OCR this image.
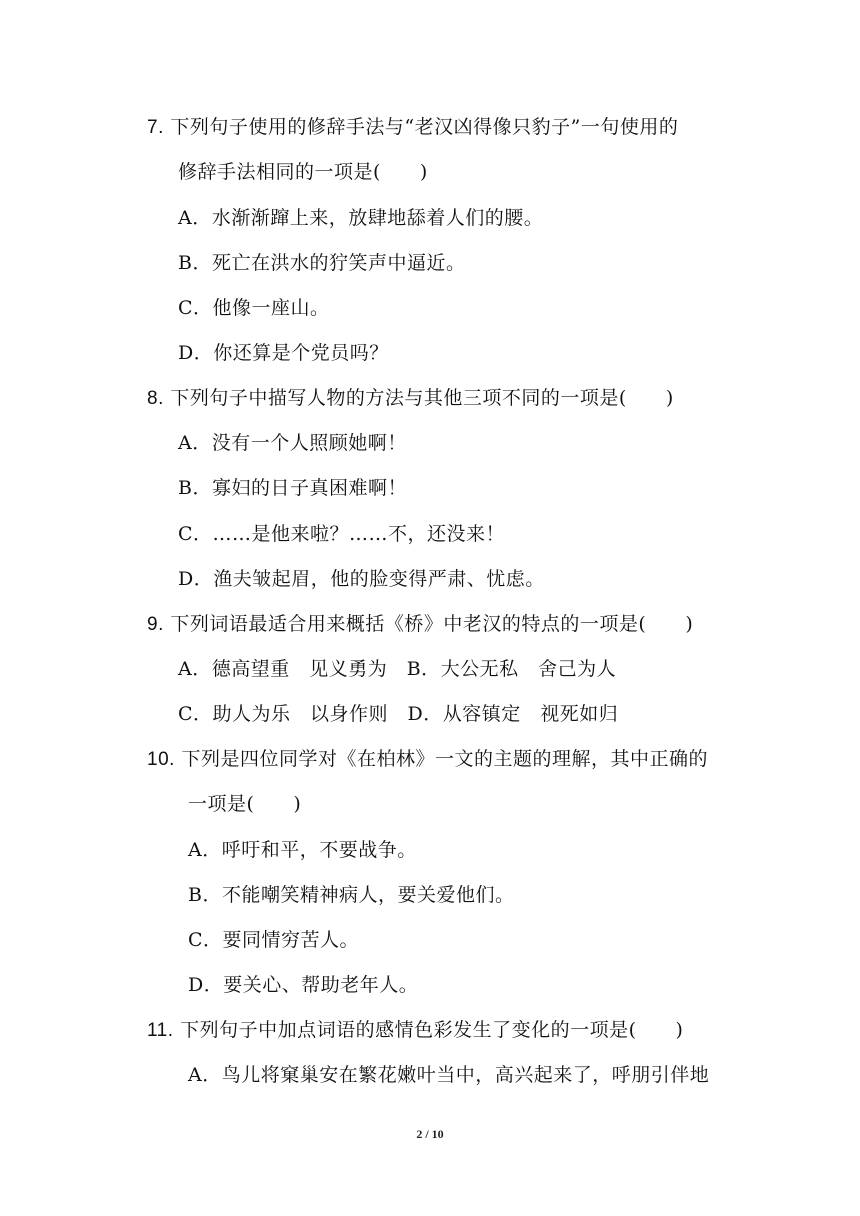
7. 下列句子使用的修辞手法与“老汉凶得像只豹子”一句使用的
修辞手法相同的一项是(　　)
A．水渐渐蹿上来，放肆地舔着人们的腰。
B．死亡在洪水的狞笑声中逼近。
C．他像一座山。
D．你还算是个党员吗？
8. 下列句子中描写人物的方法与其他三项不同的一项是(　　)
A．没有一个人照顾她啊！
B．寡妇的日子真困难啊！
C．……是他来啦？……不，还没来！
D．渔夫皱起眉，他的脸变得严肃、忧虑。
9. 下列词语最适合用来概括《桥》中老汉的特点的一项是(　　)
A．德高望重　见义勇为　B．大公无私　舍己为人
C．助人为乐　以身作则　D．从容镇定　视死如归
10. 下列是四位同学对《在柏林》一文的主题的理解，其中正确的
一项是(　　)
A．呼吁和平，不要战争。
B．不能嘲笑精神病人，要关爱他们。
C．要同情穷苦人。
D．要关心、帮助老年人。
11. 下列句子中加点词语的感情色彩发生了变化的一项是(　　)
A．鸟儿将窠巢安在繁花嫩叶当中，高兴起来了，呼朋引伴地
2 / 10
